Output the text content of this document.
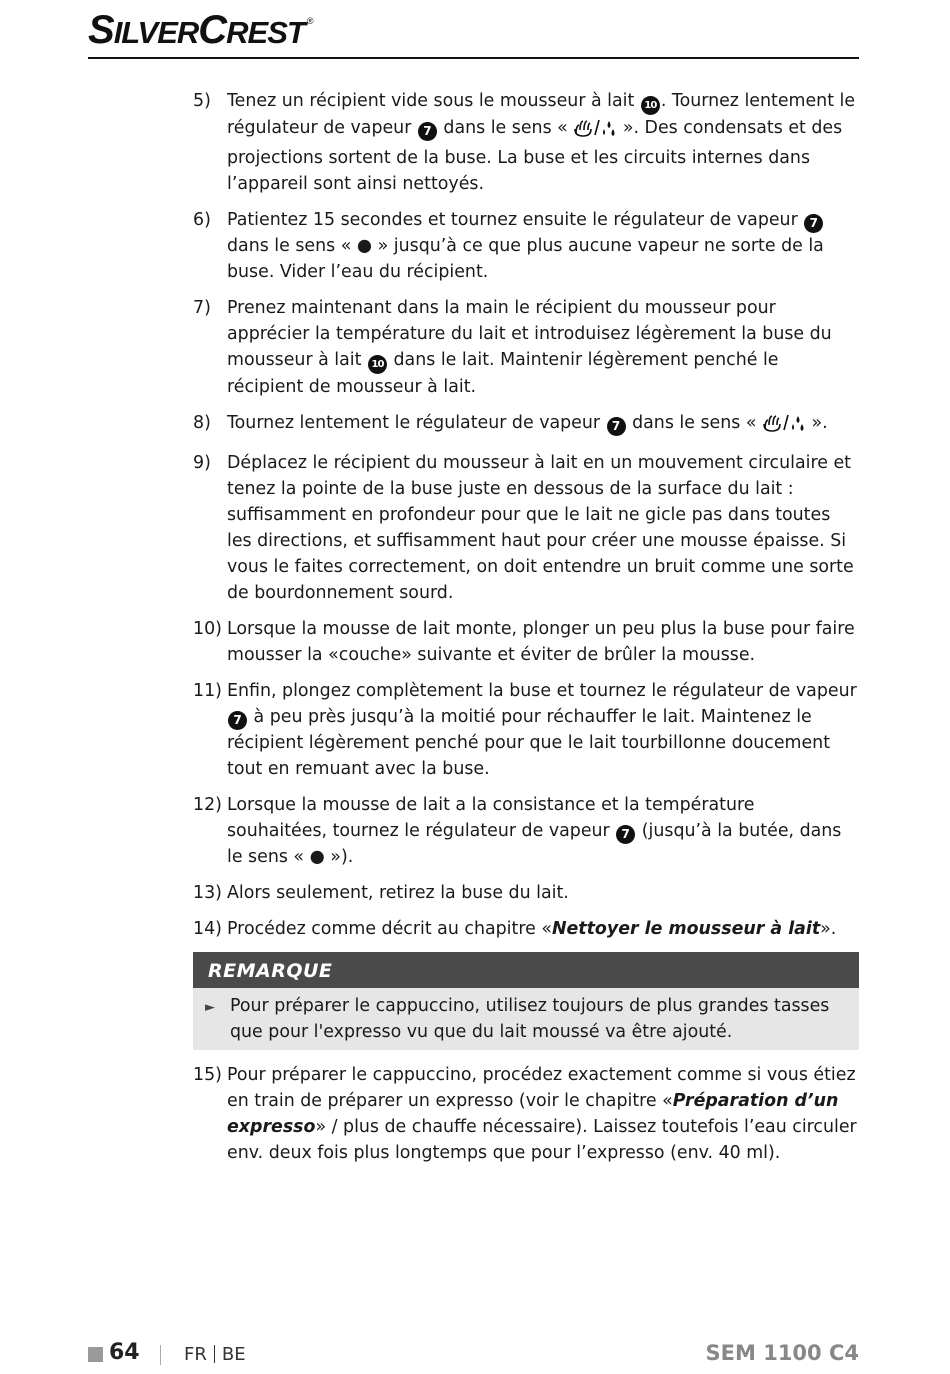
SILVERCREST ®
5) Tenez un récipient vide sous le mousseur à lait 10 . Tournez lentement le régulateur de vapeur 7 dans le sens «	». Des condensats et des projections sortent de la buse. La buse et les circuits internes dans l’appareil sont ainsi nettoyés.
6) Patientez 15 secondes et tournez ensuite le régulateur de vapeur 7 dans le sens « ● » jusqu’à ce que plus aucune vapeur ne sorte de la buse. Vider l’eau du récipient.
7) Prenez maintenant dans la main le récipient du mousseur pour apprécier la température du lait et introduisez légèrement la buse du mousseur à lait 10 dans le lait. Maintenir légèrement penché le récipient de mousseur à lait.
8) Tournez lentement le régulateur de vapeur 7 dans le sens «	».
9) Déplacez le récipient du mousseur à lait en un mouvement circulaire et tenez la pointe de la buse juste en dessous de la surface du lait : suffisamment en profondeur pour que le lait ne gicle pas dans toutes les directions, et suffisamment haut pour créer une mousse épaisse. Si vous le faites correctement, on doit entendre un bruit comme une sorte de bourdonnement sourd.
10) Lorsque la mousse de lait monte, plonger un peu plus la buse pour faire mousser la «couche» suivante et éviter de brûler la mousse.
11) Enfin, plongez complètement la buse et tournez le régulateur de vapeur 7 à peu près jusqu’à la moitié pour réchauffer le lait. Maintenez le récipient légèrement penché pour que le lait tourbillonne doucement tout en remuant avec la buse.
12) Lorsque la mousse de lait a la consistance et la température souhaitées, tournez le régulateur de vapeur 7 (jusqu’à la butée, dans le sens « ● »).
13) Alors seulement, retirez la buse du lait.
14) Procédez comme décrit au chapitre «Nettoyer le mousseur à lait».
REMARQUE
► Pour préparer le cappuccino, utilisez toujours de plus grandes tasses que pour l'expresso vu que du lait moussé va être ajouté.
15) Pour préparer le cappuccino, procédez exactement comme si vous étiez en train de préparer un expresso (voir le chapitre «Préparation d’un expresso» / plus de chauffe nécessaire). Laissez toutefois l’eau circuler env. deux fois plus longtemps que pour l’expresso (env. 40 ml).
64 FR BE	SEM 1100 C4
